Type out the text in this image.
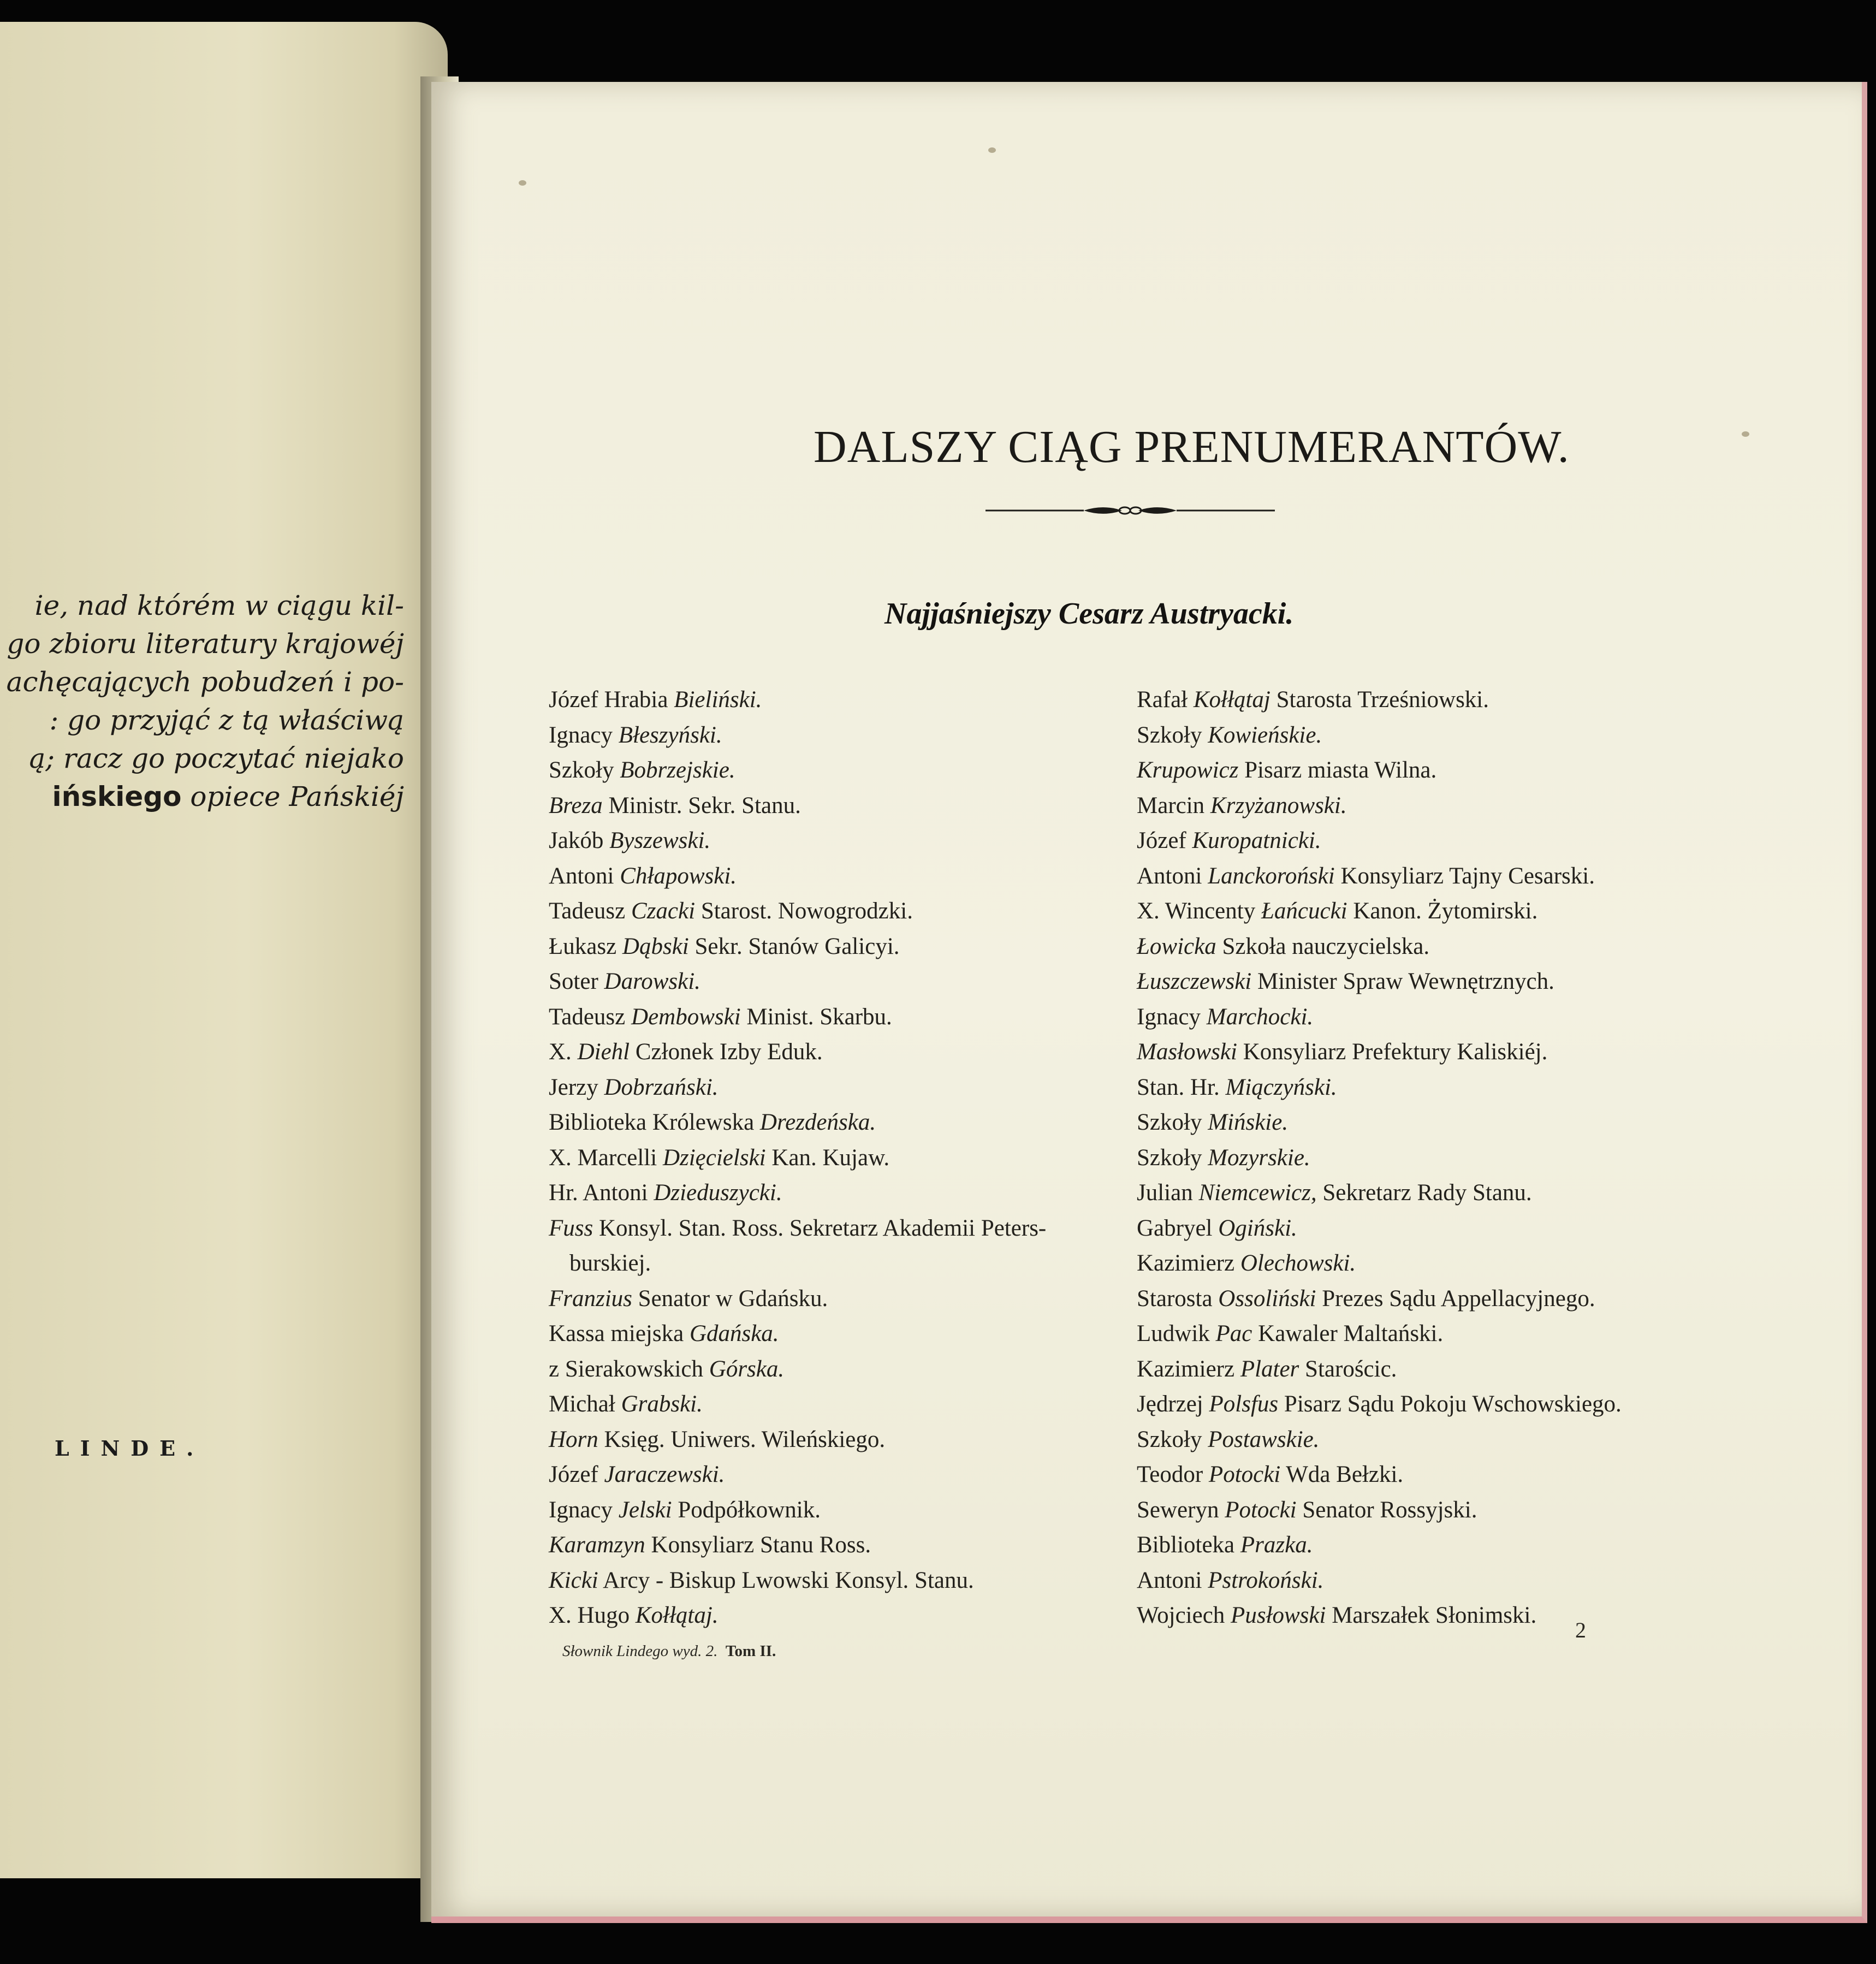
ie, nad którém w ciągu kil-

go zbioru literatury krajowéj

achęcających pobudzeń i po-

: go przyjąć z tą właściwą

ą; racz go poczytać niejako

ińskiego opiece Pańskiéj

LINDE.

DALSZY CIĄG PRENUMERANTÓW.
Najjaśniejszy Cesarz Austryacki.
Józef Hrabia Bieliński.
Ignacy Błeszyński.
Szkoły Bobrzejskie.
Breza Ministr. Sekr. Stanu.
Jakób Byszewski.
Antoni Chłapowski.
Tadeusz Czacki Starost. Nowogrodzki.
Łukasz Dąbski Sekr. Stanów Galicyi.
Soter Darowski.
Tadeusz Dembowski Minist. Skarbu.
X. Diehl Członek Izby Eduk.
Jerzy Dobrzański.
Biblioteka Królewska Drezdeńska.
X. Marcelli Dzięcielski Kan. Kujaw.
Hr. Antoni Dzieduszycki.
Fuss Konsyl. Stan. Ross. Sekretarz Akademii Peters-
burskiej.
Franzius Senator w Gdańsku.
Kassa miejska Gdańska.
z Sierakowskich Górska.
Michał Grabski.
Horn Księg. Uniwers. Wileńskiego.
Józef Jaraczewski.
Ignacy Jelski Podpółkownik.
Karamzyn Konsyliarz Stanu Ross.
Kicki Arcy - Biskup Lwowski Konsyl. Stanu.
X. Hugo Kołłątaj.
Rafał Kołłątaj Starosta Trześniowski.
Szkoły Kowieńskie.
Krupowicz Pisarz miasta Wilna.
Marcin Krzyżanowski.
Józef Kuropatnicki.
Antoni Lanckoroński Konsyliarz Tajny Cesarski.
X. Wincenty Łańcucki Kanon. Żytomirski.
Łowicka Szkoła nauczycielska.
Łuszczewski Minister Spraw Wewnętrznych.
Ignacy Marchocki.
Masłowski Konsyliarz Prefektury Kaliskiéj.
Stan. Hr. Miączyński.
Szkoły Mińskie.
Szkoły Mozyrskie.
Julian Niemcewicz, Sekretarz Rady Stanu.
Gabryel Ogiński.
Kazimierz Olechowski.
Starosta Ossoliński Prezes Sądu Appellacyjnego.
Ludwik Pac Kawaler Maltański.
Kazimierz Plater Starościc.
Jędrzej Polsfus Pisarz Sądu Pokoju Wschowskiego.
Szkoły Postawskie.
Teodor Potocki Wda Bełzki.
Seweryn Potocki Senator Rossyjski.
Biblioteka Prazka.
Antoni Pstrokoński.
Wojciech Pusłowski Marszałek Słonimski.

Słownik Lindego wyd. 2. Tom II.

2
